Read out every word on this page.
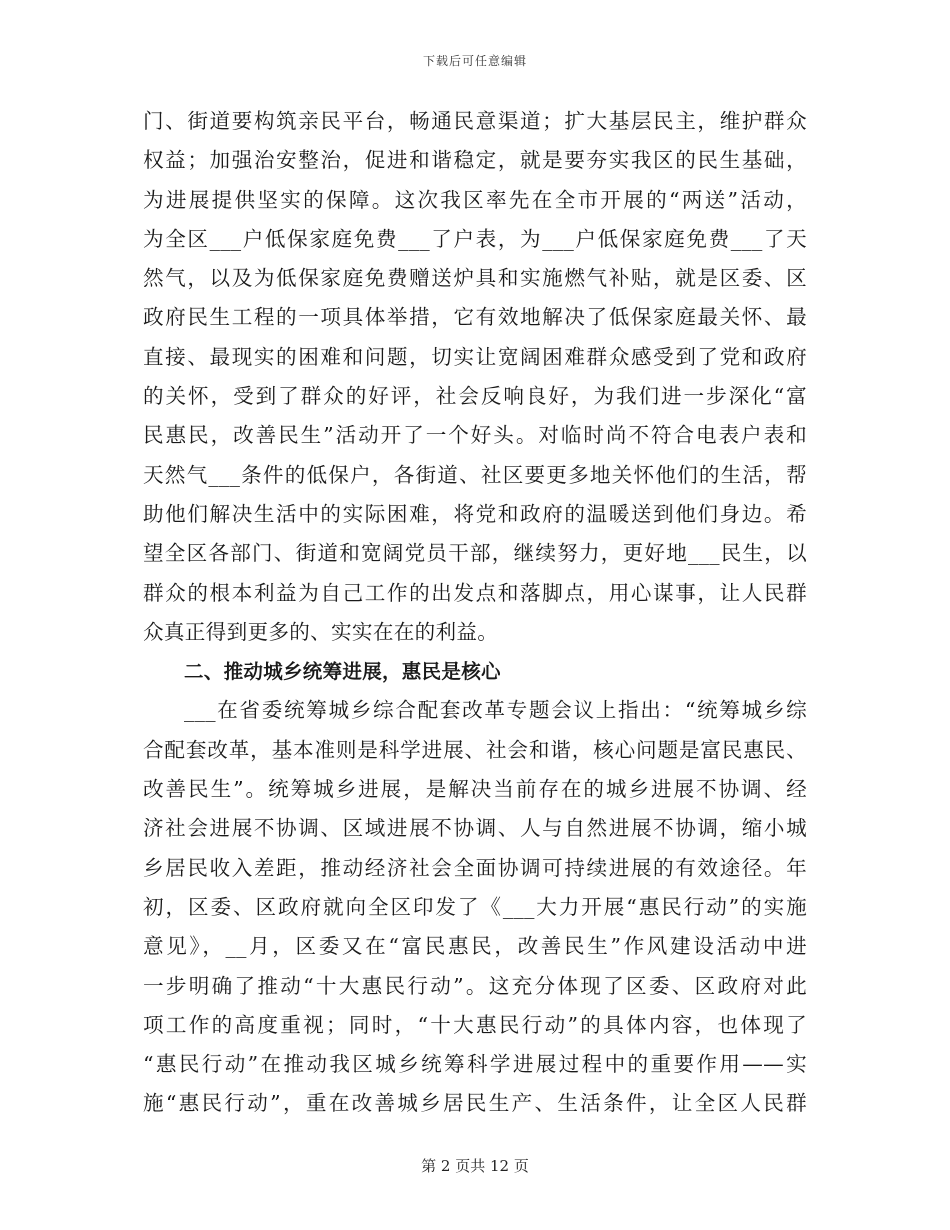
下载后可任意编辑
门、街道要构筑亲民平台，畅通民意渠道；扩大基层民主，维护群众
权益；加强治安整治，促进和谐稳定，就是要夯实我区的民生基础，
为进展提供坚实的保障。这次我区率先在全市开展的“两送”活动，
为全区___户低保家庭免费___了户表，为___户低保家庭免费___了天
然气，以及为低保家庭免费赠送炉具和实施燃气补贴，就是区委、区
政府民生工程的一项具体举措，它有效地解决了低保家庭最关怀、最
直接、最现实的困难和问题，切实让宽阔困难群众感受到了党和政府
的关怀，受到了群众的好评，社会反响良好，为我们进一步深化“富
民惠民，改善民生”活动开了一个好头。对临时尚不符合电表户表和
天然气___条件的低保户，各街道、社区要更多地关怀他们的生活，帮
助他们解决生活中的实际困难，将党和政府的温暖送到他们身边。希
望全区各部门、街道和宽阔党员干部，继续努力，更好地___民生，以
群众的根本利益为自己工作的出发点和落脚点，用心谋事，让人民群
众真正得到更多的、实实在在的利益。
二、推动城乡统筹进展，惠民是核心
___在省委统筹城乡综合配套改革专题会议上指出：“统筹城乡综
合配套改革，基本准则是科学进展、社会和谐，核心问题是富民惠民、
改善民生”。统筹城乡进展，是解决当前存在的城乡进展不协调、经
济社会进展不协调、区域进展不协调、人与自然进展不协调，缩小城
乡居民收入差距，推动经济社会全面协调可持续进展的有效途径。年
初，区委、区政府就向全区印发了《___大力开展“惠民行动”的实施
意见》，__月，区委又在“富民惠民，改善民生”作风建设活动中进
一步明确了推动“十大惠民行动”。这充分体现了区委、区政府对此
项工作的高度重视；同时，“十大惠民行动”的具体内容，也体现了
“惠民行动”在推动我区城乡统筹科学进展过程中的重要作用——实
施“惠民行动”，重在改善城乡居民生产、生活条件，让全区人民群
第 2 页共 12 页
